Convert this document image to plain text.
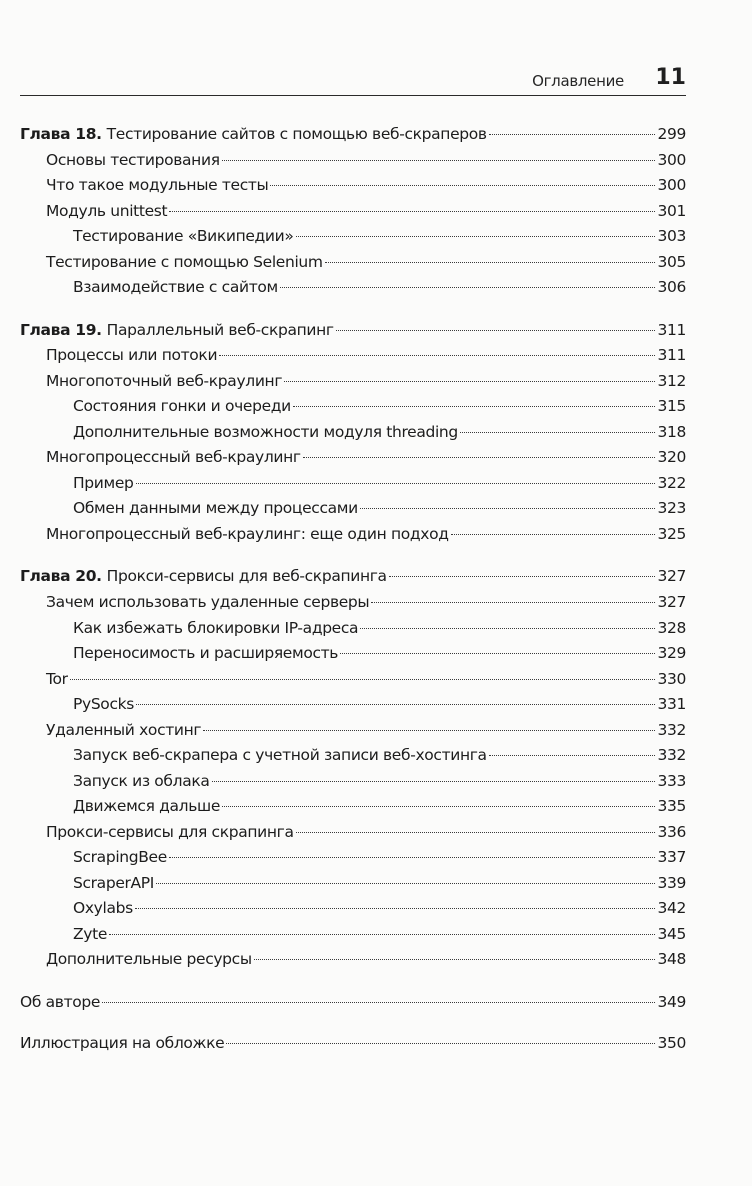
Оглавление 11
Глава 18. Тестирование сайтов с помощью веб-скраперов	299
Основы тестирования	300
Что такое модульные тесты	300
Модуль unittest	301
Тестирование «Википедии»	303
Тестирование с помощью Selenium	305
Взаимодействие с сайтом	306
Глава 19. Параллельный веб-скрапинг	311
Процессы или потоки	311
Многопоточный веб-краулинг	312
Состояния гонки и очереди	315
Дополнительные возможности модуля threading	318
Многопроцессный веб-краулинг	320
Пример	322
Обмен данными между процессами	323
Многопроцессный веб-краулинг: еще один подход	325
Глава 20. Прокси-сервисы для веб-скрапинга	327
Зачем использовать удаленные серверы	327
Как избежать блокировки IP-адреса	328
Переносимость и расширяемость	329
Tor	330
PySocks	331
Удаленный хостинг	332
Запуск веб-скрапера с учетной записи веб-хостинга	332
Запуск из облака	333
Движемся дальше	335
Прокси-сервисы для скрапинга	336
ScrapingBee	337
ScraperAPI	339
Oxylabs	342
Zyte	345
Дополнительные ресурсы	348
Об авторе	349
Иллюстрация на обложке	350
